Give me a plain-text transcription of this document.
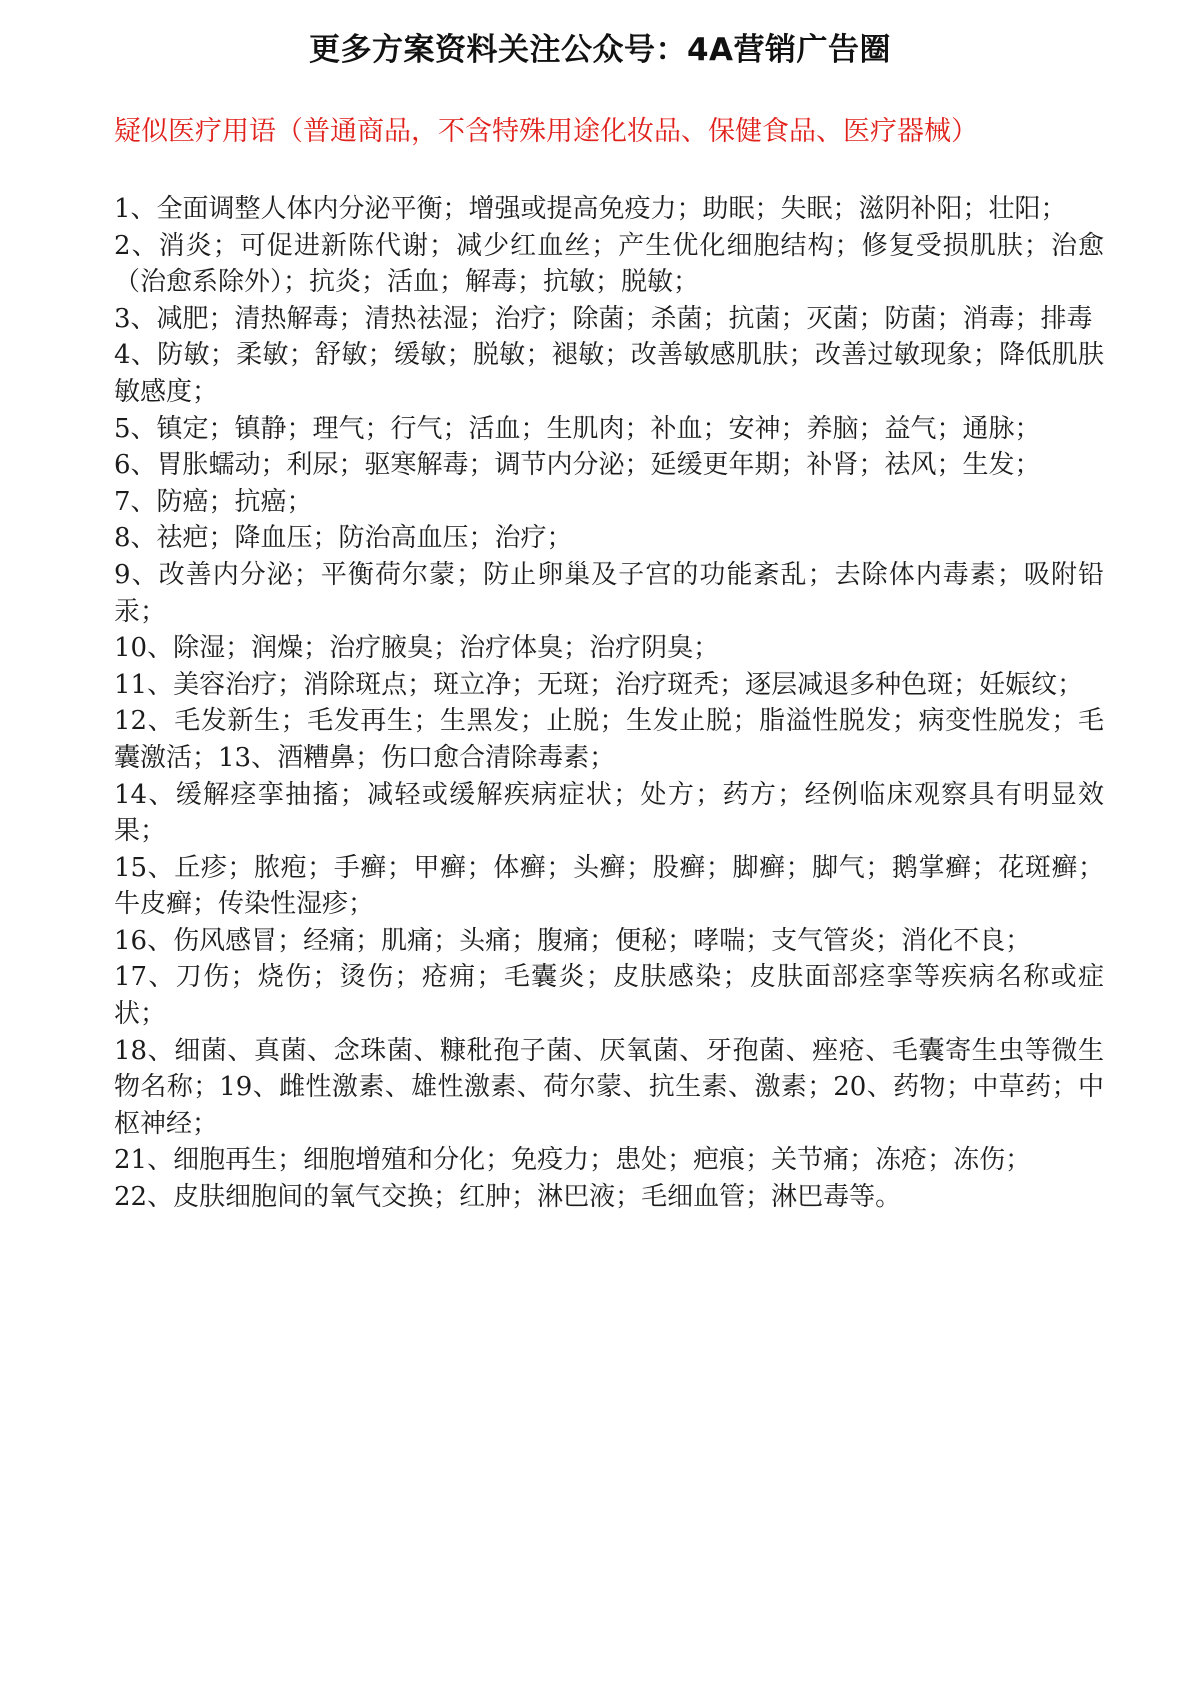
更多方案资料关注公众号：4A营销广告圈
疑似医疗用语（普通商品，不含特殊用途化妆品、保健食品、医疗器械）
1、全面调整人体内分泌平衡；增强或提高免疫力；助眠；失眠；滋阴补阳；壮阳；
2、消炎；可促进新陈代谢；减少红血丝；产生优化细胞结构；修复受损肌肤；治愈（治愈系除外）；抗炎；活血；解毒；抗敏；脱敏；
3、减肥；清热解毒；清热祛湿；治疗；除菌；杀菌；抗菌；灭菌；防菌；消毒；排毒
4、防敏；柔敏；舒敏；缓敏；脱敏；褪敏；改善敏感肌肤；改善过敏现象；降低肌肤敏感度；
5、镇定；镇静；理气；行气；活血；生肌肉；补血；安神；养脑；益气；通脉；
6、胃胀蠕动；利尿；驱寒解毒；调节内分泌；延缓更年期；补肾；祛风；生发；
7、防癌；抗癌；
8、祛疤；降血压；防治高血压；治疗；
9、改善内分泌；平衡荷尔蒙；防止卵巢及子宫的功能紊乱；去除体内毒素；吸附铅汞；
10、除湿；润燥；治疗腋臭；治疗体臭；治疗阴臭；
11、美容治疗；消除斑点；斑立净；无斑；治疗斑秃；逐层减退多种色斑；妊娠纹；
12、毛发新生；毛发再生；生黑发；止脱；生发止脱；脂溢性脱发；病变性脱发；毛囊激活；13、酒糟鼻；伤口愈合清除毒素；
14、缓解痉挛抽搐；减轻或缓解疾病症状；处方；药方；经例临床观察具有明显效果；
15、丘疹；脓疱；手癣；甲癣；体癣；头癣；股癣；脚癣；脚气；鹅掌癣；花斑癣；牛皮癣；传染性湿疹；
16、伤风感冒；经痛；肌痛；头痛；腹痛；便秘；哮喘；支气管炎；消化不良；
17、刀伤；烧伤；烫伤；疮痈；毛囊炎；皮肤感染；皮肤面部痉挛等疾病名称或症状；
18、细菌、真菌、念珠菌、糠秕孢子菌、厌氧菌、牙孢菌、痤疮、毛囊寄生虫等微生物名称；19、雌性激素、雄性激素、荷尔蒙、抗生素、激素；20、药物；中草药；中枢神经；
21、细胞再生；细胞增殖和分化；免疫力；患处；疤痕；关节痛；冻疮；冻伤；
22、皮肤细胞间的氧气交换；红肿；淋巴液；毛细血管；淋巴毒等。
